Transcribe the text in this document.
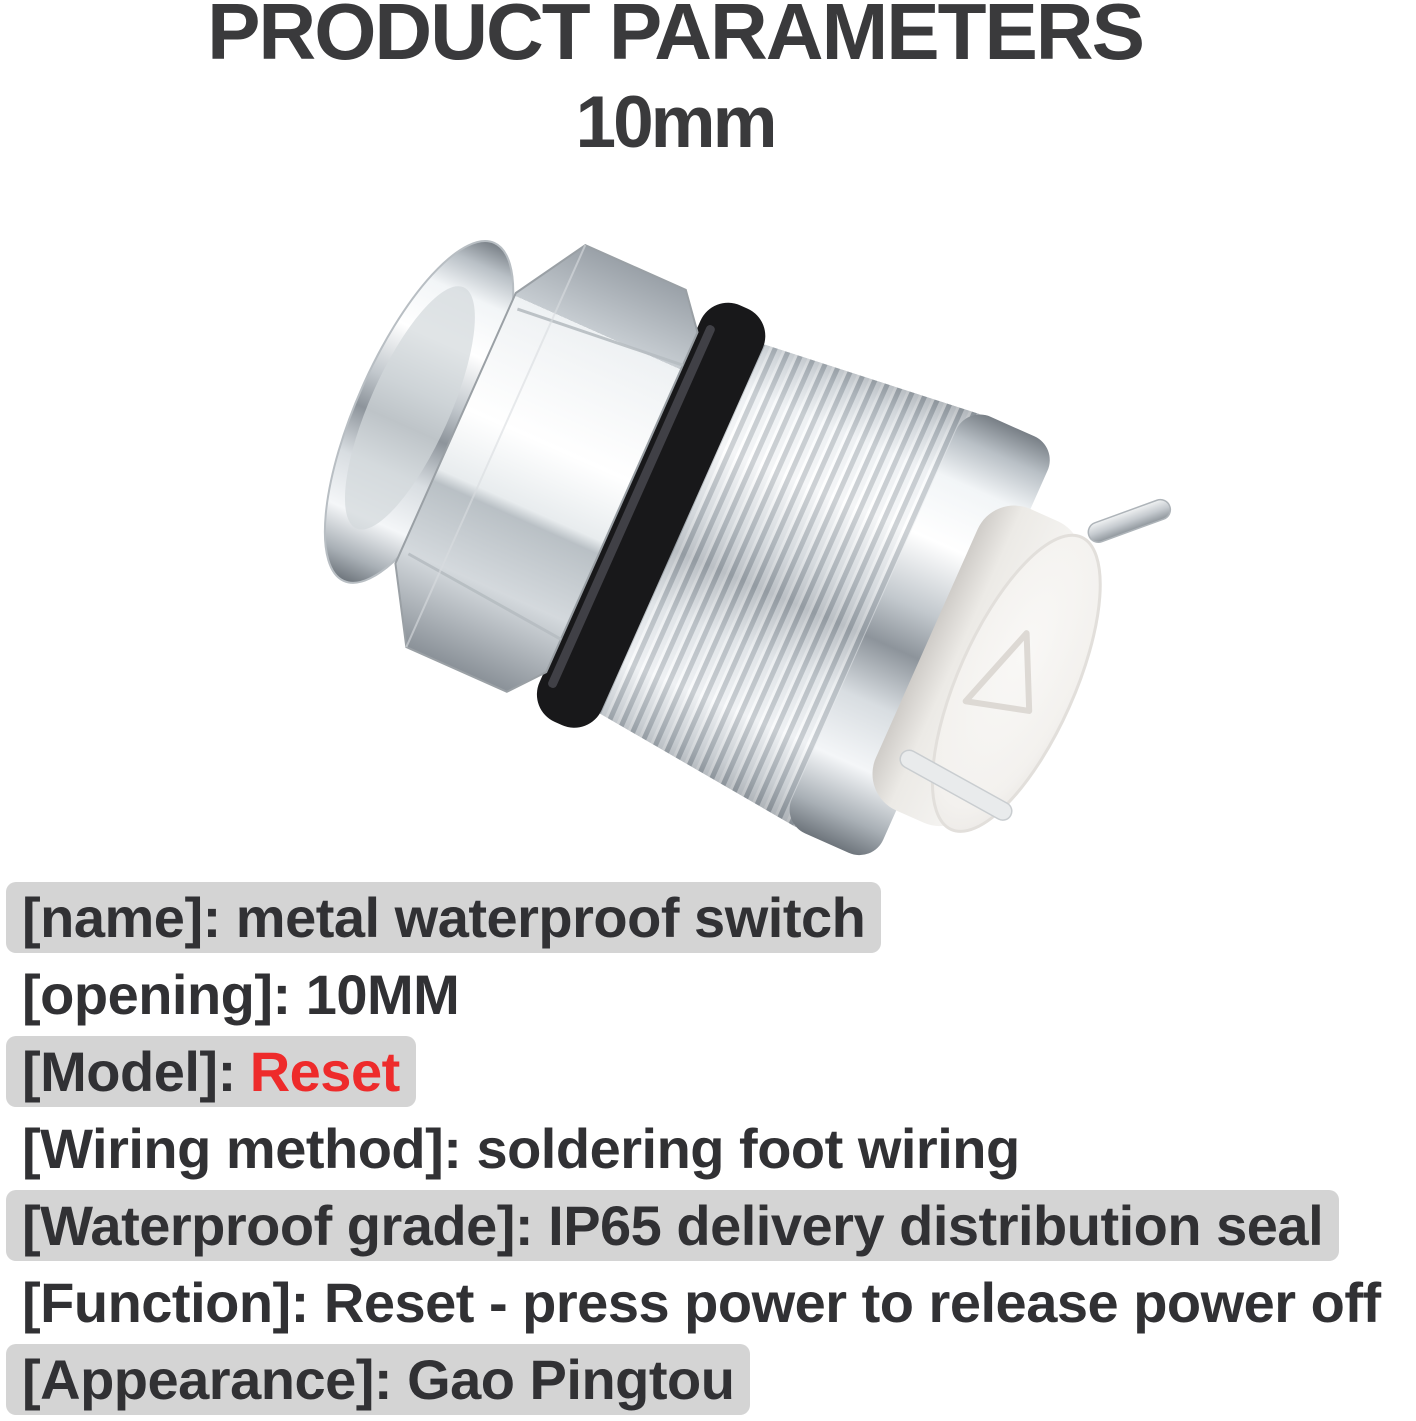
PRODUCT PARAMETERS
10mm
[name]: metal waterproof switch
[opening]: 10MM
[Model]: Reset
[Wiring method]: soldering foot wiring
[Waterproof grade]: IP65 delivery distribution seal
[Function]: Reset - press power to release power off
[Appearance]: Gao Pingtou
